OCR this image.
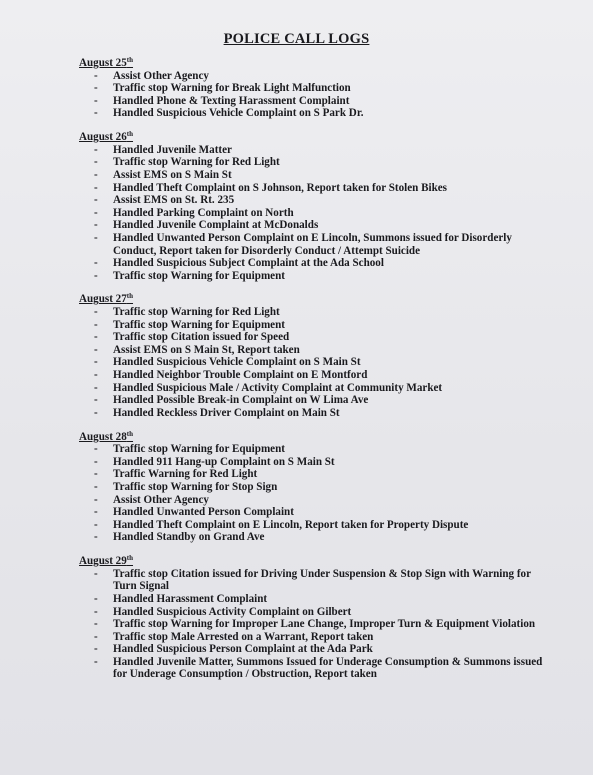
POLICE CALL LOGS
August 25th
- Assist Other Agency
- Traffic stop Warning for Break Light Malfunction
- Handled Phone & Texting Harassment Complaint
- Handled Suspicious Vehicle Complaint on S Park Dr.
August 26th
- Handled Juvenile Matter
- Traffic stop Warning for Red Light
- Assist EMS on S Main St
- Handled Theft Complaint on S Johnson, Report taken for Stolen Bikes
- Assist EMS on St. Rt. 235
- Handled Parking Complaint on North
- Handled Juvenile Complaint at McDonalds
- Handled Unwanted Person Complaint on E Lincoln, Summons issued for Disorderly Conduct, Report taken for Disorderly Conduct / Attempt Suicide
- Handled Suspicious Subject Complaint at the Ada School
- Traffic stop Warning for Equipment
August 27th
- Traffic stop Warning for Red Light
- Traffic stop Warning for Equipment
- Traffic stop Citation issued for Speed
- Assist EMS on S Main St, Report taken
- Handled Suspicious Vehicle Complaint on S Main St
- Handled Neighbor Trouble Complaint on E Montford
- Handled Suspicious Male / Activity Complaint at Community Market
- Handled Possible Break-in Complaint on W Lima Ave
- Handled Reckless Driver Complaint on Main St
August 28th
- Traffic stop Warning for Equipment
- Handled 911 Hang-up Complaint on S Main St
- Traffic Warning for Red Light
- Traffic stop Warning for Stop Sign
- Assist Other Agency
- Handled Unwanted Person Complaint
- Handled Theft Complaint on E Lincoln, Report taken for Property Dispute
- Handled Standby on Grand Ave
August 29th
- Traffic stop Citation issued for Driving Under Suspension & Stop Sign with Warning for Turn Signal
- Handled Harassment Complaint
- Handled Suspicious Activity Complaint on Gilbert
- Traffic stop Warning for Improper Lane Change, Improper Turn & Equipment Violation
- Traffic stop Male Arrested on a Warrant, Report taken
- Handled Suspicious Person Complaint at the Ada Park
- Handled Juvenile Matter, Summons Issued for Underage Consumption & Summons issued for Underage Consumption / Obstruction, Report taken
